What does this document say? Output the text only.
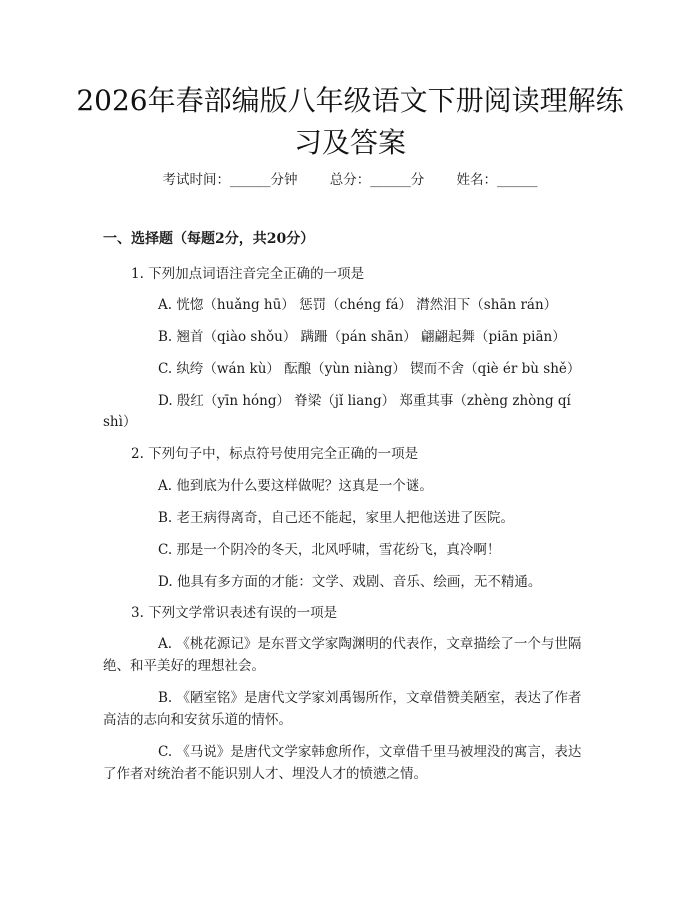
2026年春部编版八年级语文下册阅读理解练
习及答案
考试时间：______分钟 总分：______分 姓名：______
一、选择题（每题2分，共20分）
1. 下列加点词语注音完全正确的一项是
A. 恍惚（huǎng hū） 惩罚（chéng fá） 潸然泪下（shān rán）
B. 翘首（qiào shǒu） 蹒跚（pán shān） 翩翩起舞（piān piān）
C. 纨绔（wán kù） 酝酿（yùn niàng） 锲而不舍（qiè ér bù shě）
D. 殷红（yīn hóng） 脊梁（jǐ liang） 郑重其事（zhèng zhòng qí
shì）
2. 下列句子中，标点符号使用完全正确的一项是
A. 他到底为什么要这样做呢？这真是一个谜。
B. 老王病得离奇，自己还不能起，家里人把他送进了医院。
C. 那是一个阴冷的冬天，北风呼啸，雪花纷飞，真冷啊！
D. 他具有多方面的才能：文学、戏剧、音乐、绘画，无不精通。
3. 下列文学常识表述有误的一项是
A. 《桃花源记》是东晋文学家陶渊明的代表作，文章描绘了一个与世隔
绝、和平美好的理想社会。
B. 《陋室铭》是唐代文学家刘禹锡所作，文章借赞美陋室，表达了作者
高洁的志向和安贫乐道的情怀。
C. 《马说》是唐代文学家韩愈所作，文章借千里马被埋没的寓言，表达
了作者对统治者不能识别人才、埋没人才的愤懑之情。
